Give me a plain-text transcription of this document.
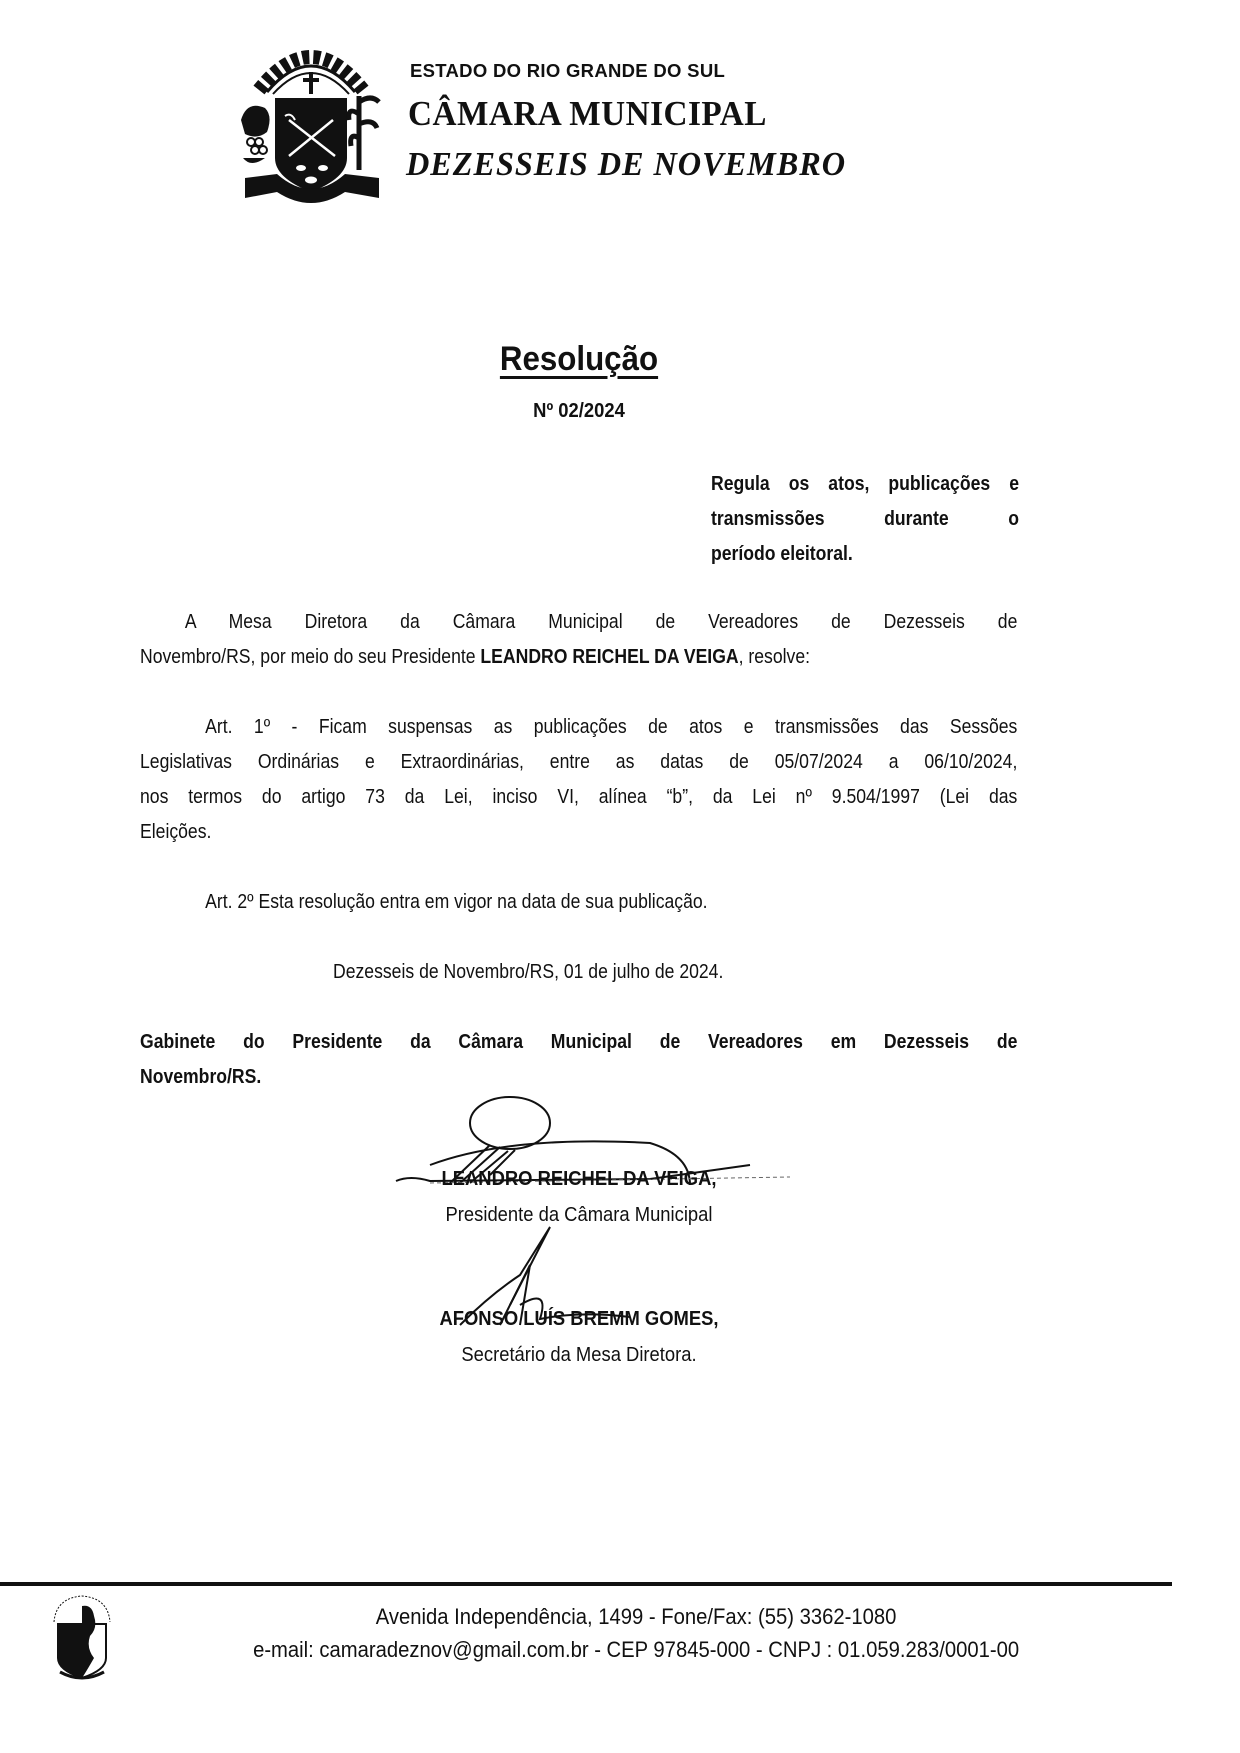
ESTADO DO RIO GRANDE DO SUL
CÂMARA MUNICIPAL
DEZESSEIS DE NOVEMBRO
Resolução
Nº 02/2024
Regula os atos, publicações e
transmissões durante o
período eleitoral.
A Mesa Diretora da Câmara Municipal de Vereadores de Dezesseis de
Novembro/RS, por meio do seu Presidente LEANDRO REICHEL DA VEIGA, resolve:
Art. 1º - Ficam suspensas as publicações de atos e transmissões das Sessões
Legislativas Ordinárias e Extraordinárias, entre as datas de 05/07/2024 a 06/10/2024,
nos termos do artigo 73 da Lei, inciso VI, alínea “b”, da Lei nº 9.504/1997 (Lei das
Eleições.
Art. 2º Esta resolução entra em vigor na data de sua publicação.
Dezesseis de Novembro/RS, 01 de julho de 2024.
Gabinete do Presidente da Câmara Municipal de Vereadores em Dezesseis de
Novembro/RS.
LEANDRO REICHEL DA VEIGA,
Presidente da Câmara Municipal
AFONSO LUÍS BREMM GOMES,
Secretário da Mesa Diretora.
Avenida Independência, 1499 - Fone/Fax: (55) 3362-1080
e-mail: camaradeznov@gmail.com.br - CEP 97845-000 - CNPJ : 01.059.283/0001-00
